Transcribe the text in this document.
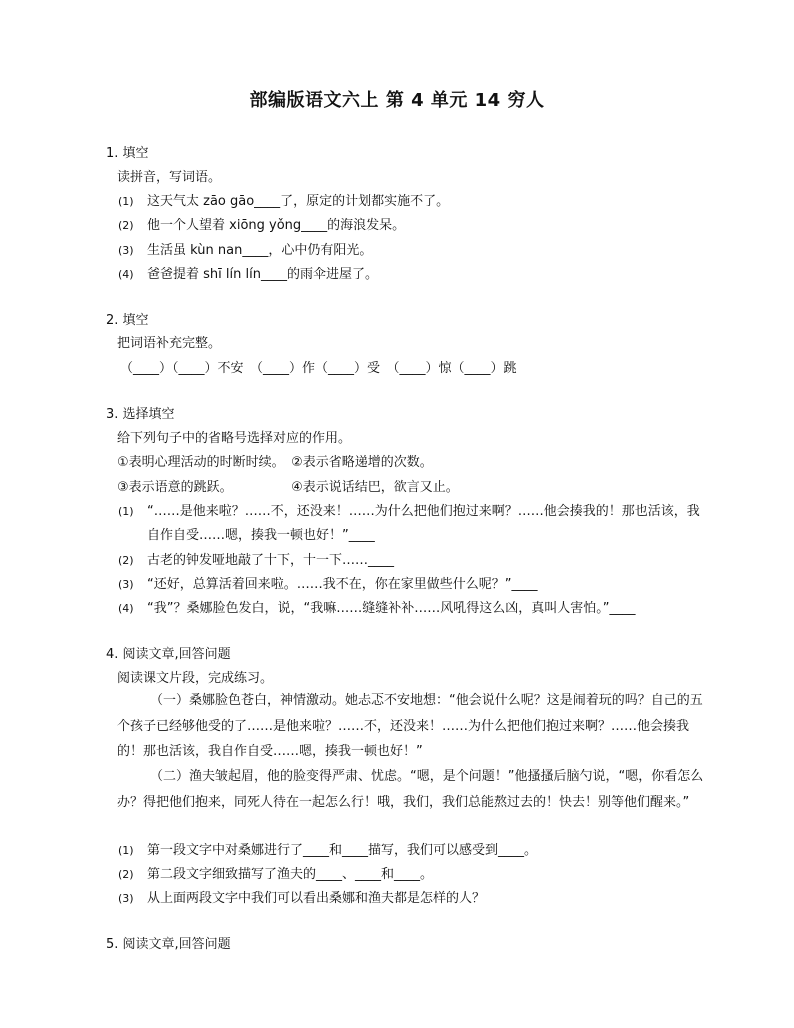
部编版语文六上 第 4 单元 14 穷人
1. 填空
读拼音，写词语。
(1) 这天气太 zāo gāo____了，原定的计划都实施不了。
(2) 他一个人望着 xiōng yǒng____的海浪发呆。
(3) 生活虽 kùn nan____，心中仍有阳光。
(4) 爸爸提着 shī lín lín____的雨伞进屋了。
2. 填空
把词语补充完整。
（____）（____）不安　（____）作（____）受　（____）惊（____）跳
3. 选择填空
给下列句子中的省略号选择对应的作用。
①表明心理活动的时断时续。　②表示省略递增的次数。
③表示语意的跳跃。　　　　　④表示说话结巴，欲言又止。
(1) “……是他来啦？……不，还没来！……为什么把他们抱过来啊？……他会揍我的！那也活该，我
自作自受……嗯，揍我一顿也好！”____
(2) 古老的钟发哑地敲了十下，十一下……____
(3) “还好，总算活着回来啦。……我不在，你在家里做些什么呢？”____
(4) “我”？桑娜脸色发白，说，“我嘛……缝缝补补……风吼得这么凶，真叫人害怕。”____
4. 阅读文章,回答问题
阅读课文片段，完成练习。
（一）桑娜脸色苍白，神情激动。她忐忑不安地想：“他会说什么呢？这是闹着玩的吗？自己的五个孩子已经够他受的了……是他来啦？……不，还没来！……为什么把他们抱过来啊？……他会揍我的！那也活该，我自作自受……嗯，揍我一顿也好！”
（二）渔夫皱起眉，他的脸变得严肃、忧虑。“嗯，是个问题！”他搔搔后脑勺说，“嗯，你看怎么办？得把他们抱来，同死人待在一起怎么行！哦，我们，我们总能熬过去的！快去！别等他们醒来。”
(1) 第一段文字中对桑娜进行了____和____描写，我们可以感受到____。
(2) 第二段文字细致描写了渔夫的____、____和____。
(3) 从上面两段文字中我们可以看出桑娜和渔夫都是怎样的人？
5. 阅读文章,回答问题
